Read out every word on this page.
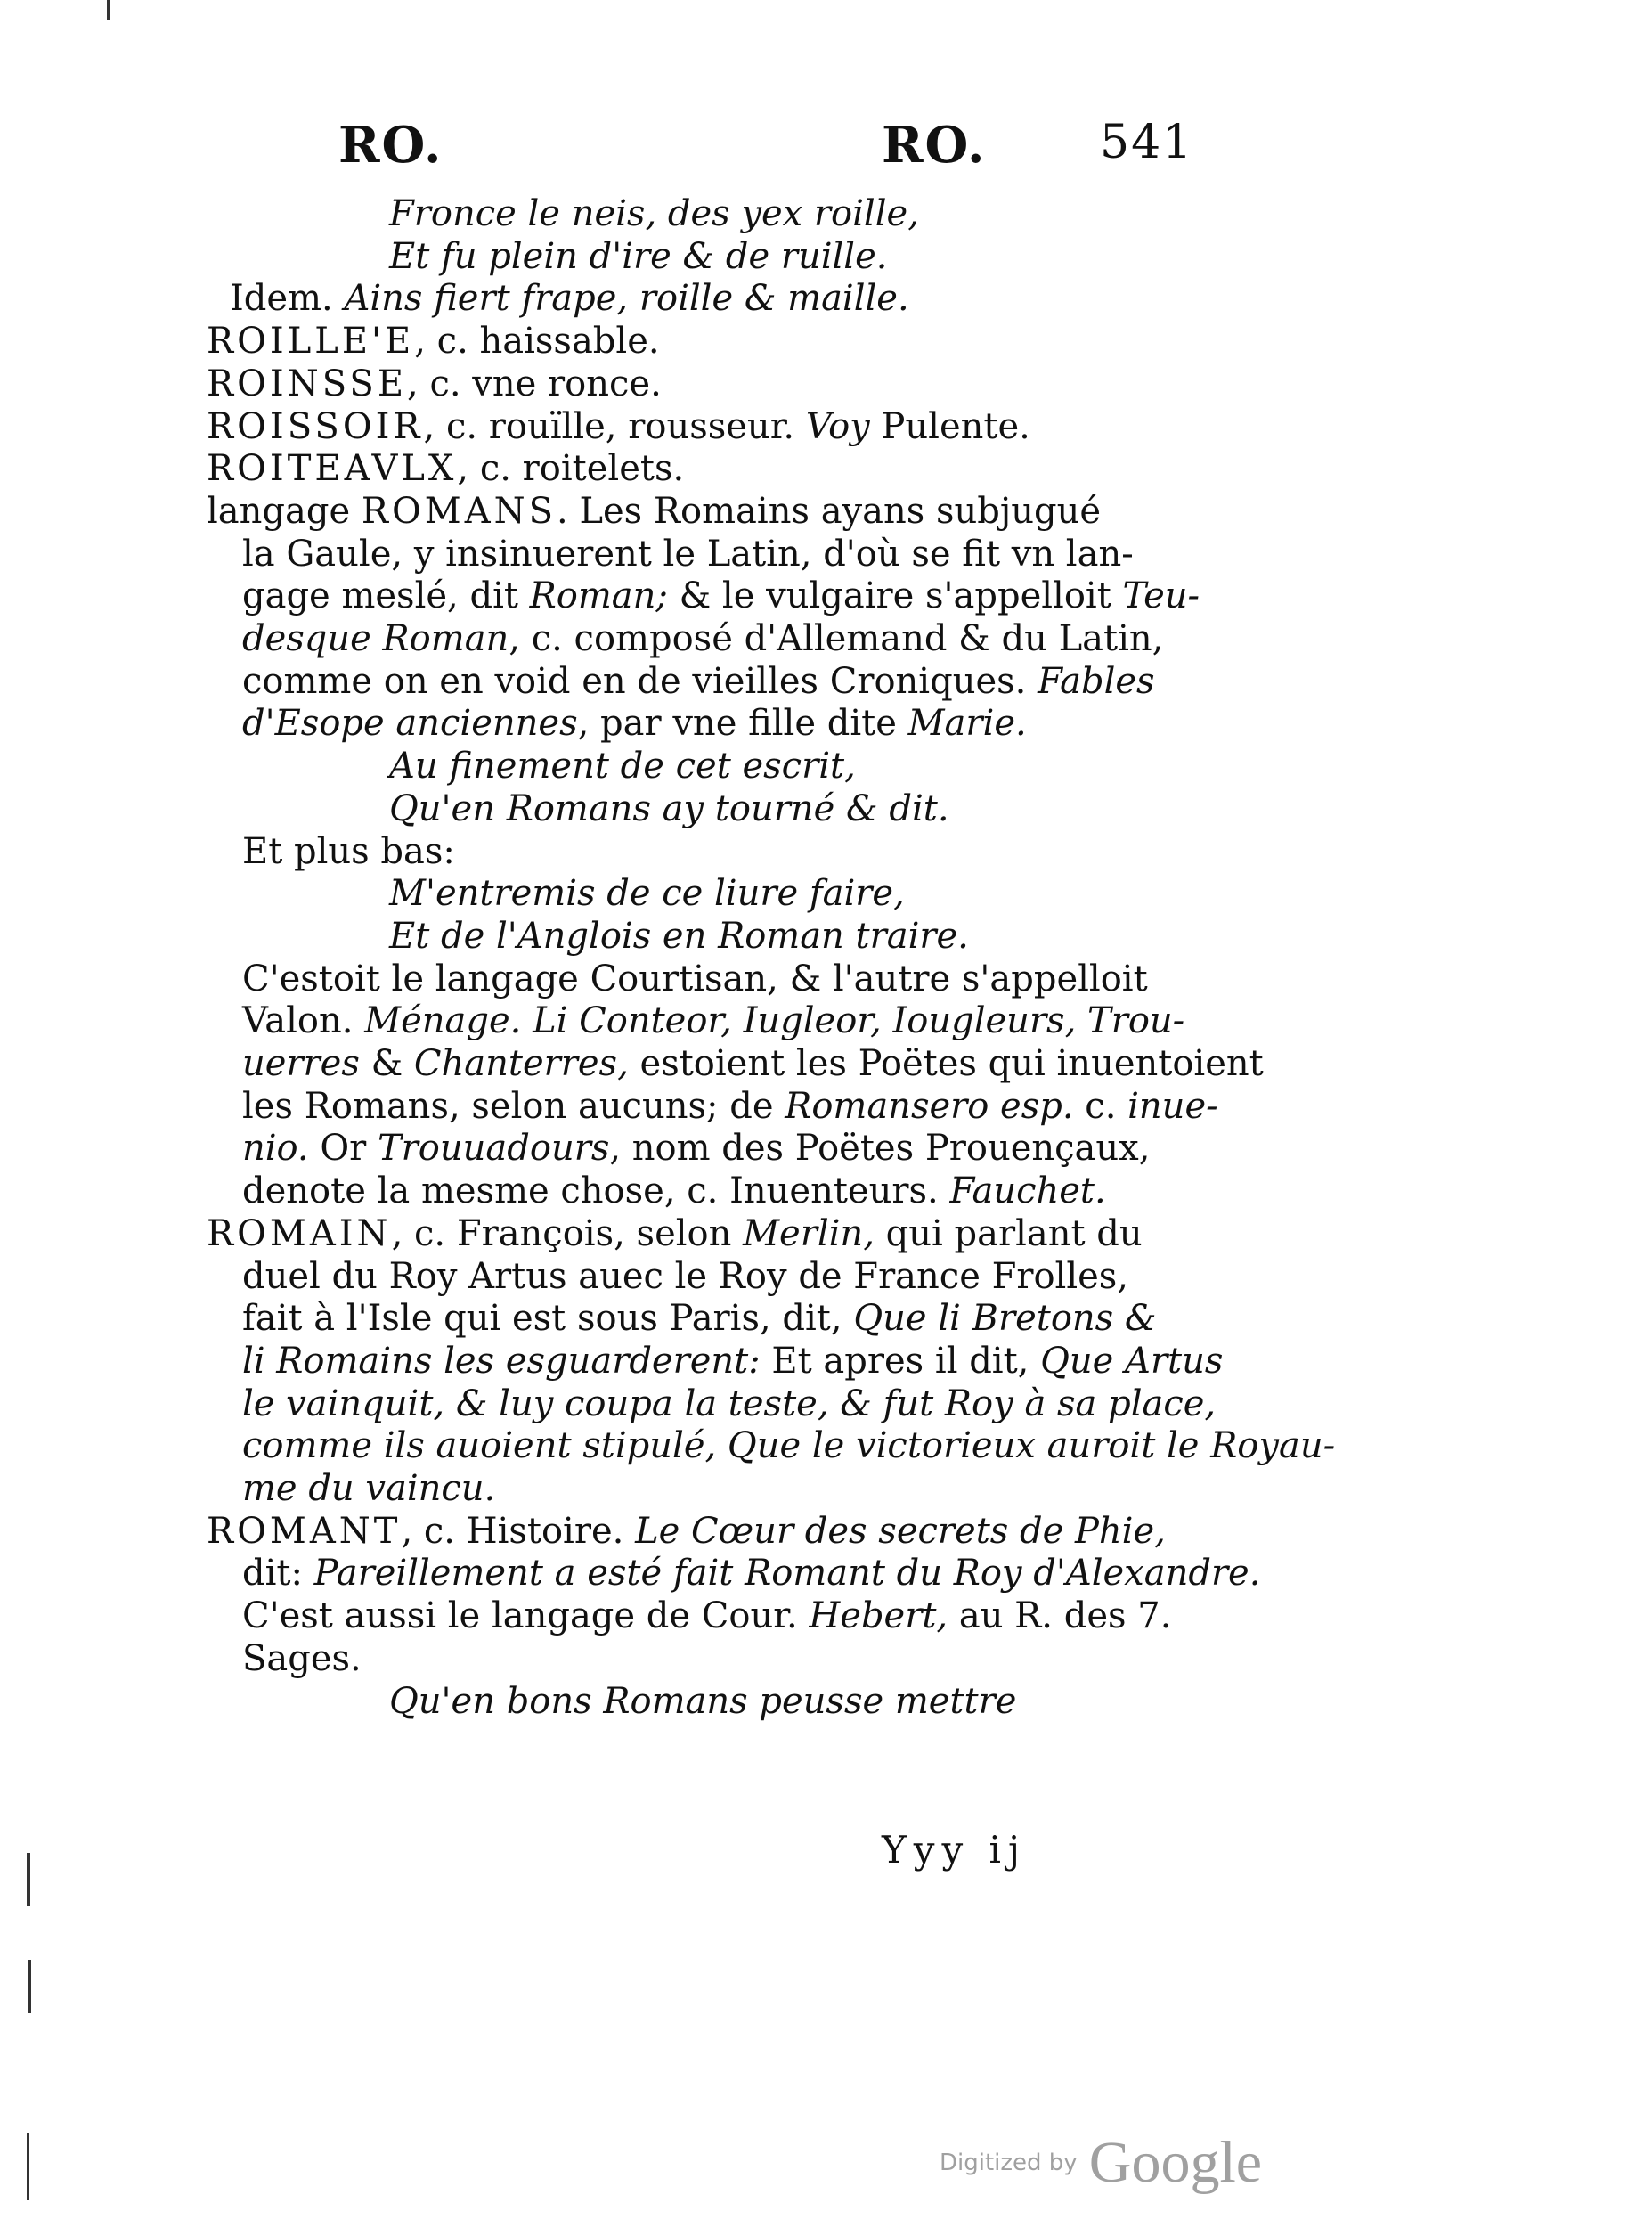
RO.	RO. 541
Fronce le neis, des yex roille,
Et fu plein d'ire & de ruille.
Idem. Ains fiert frape, roille & maille.
ROILLE'E, c. haissable.
ROINSSE, c. vne ronce.
ROISSOIR, c. rouïlle, rousseur. Voy Pulente.
ROITEAVLX, c. roitelets.
langage ROMANS. Les Romains ayans subjugué
la Gaule, y insinuerent le Latin, d'où se fit vn lan-
gage meslé, dit Roman; & le vulgaire s'appelloit Teu-
desque Roman, c. composé d'Allemand & du Latin,
comme on en void en de vieilles Croniques. Fables
d'Esope anciennes, par vne fille dite Marie.
Au finement de cet escrit,
Qu'en Romans ay tourné & dit.
Et plus bas:
M'entremis de ce liure faire,
Et de l'Anglois en Roman traire.
C'estoit le langage Courtisan, & l'autre s'appelloit
Valon. Ménage. Li Conteor, Iugleor, Iougleurs, Trou-
uerres & Chanterres, estoient les Poëtes qui inuentoient
les Romans, selon aucuns; de Romansero esp. c. inue-
nio. Or Trouuadours, nom des Poëtes Prouençaux,
denote la mesme chose, c. Inuenteurs. Fauchet.
ROMAIN, c. François, selon Merlin, qui parlant du
duel du Roy Artus auec le Roy de France Frolles,
fait à l'Isle qui est sous Paris, dit, Que li Bretons &
li Romains les esguarderent: Et apres il dit, Que Artus
le vainquit, & luy coupa la teste, & fut Roy à sa place,
comme ils auoient stipulé, Que le victorieux auroit le Royau-
me du vaincu.
ROMANT, c. Histoire. Le Cœur des secrets de Phie,
dit: Pareillement a esté fait Romant du Roy d'Alexandre.
C'est aussi le langage de Cour. Hebert, au R. des 7.
Sages.
Qu'en bons Romans peusse mettre
Yyy ij
Digitized by Google
